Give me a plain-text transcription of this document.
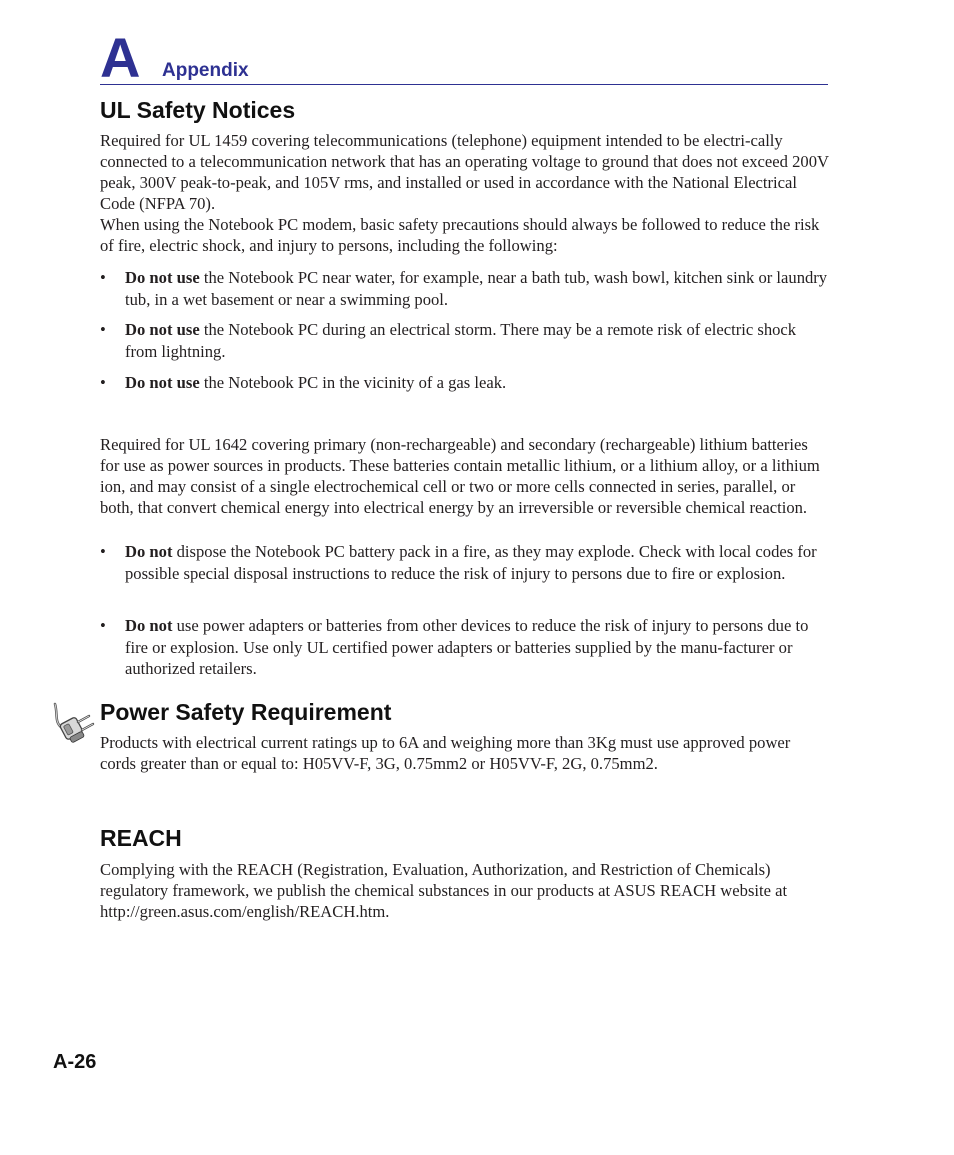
A Appendix
UL Safety Notices

Required for UL 1459 covering telecommunications (telephone) equipment intended to be electri-cally connected to a telecommunication network that has an operating voltage to ground that does not exceed 200V peak, 300V peak-to-peak, and 105V rms, and installed or used in accordance with the National Electrical Code (NFPA 70).

When using the Notebook PC modem, basic safety precautions should always be followed to reduce the risk of fire, electric shock, and injury to persons, including the following:

• Do not use the Notebook PC near water, for example, near a bath tub, wash bowl, kitchen sink or laundry tub, in a wet basement or near a swimming pool.
• Do not use the Notebook PC during an electrical storm. There may be a remote risk of electric shock from lightning.
• Do not use the Notebook PC in the vicinity of a gas leak.

Required for UL 1642 covering primary (non-rechargeable) and secondary (rechargeable) lithium batteries for use as power sources in products. These batteries contain metallic lithium, or a lithium alloy, or a lithium ion, and may consist of a single electrochemical cell or two or more cells connected in series, parallel, or both, that convert chemical energy into electrical energy by an irreversible or reversible chemical reaction.

• Do not dispose the Notebook PC battery pack in a fire, as they may explode. Check with local codes for possible special disposal instructions to reduce the risk of injury to persons due to fire or explosion.
• Do not use power adapters or batteries from other devices to reduce the risk of injury to persons due to fire or explosion. Use only UL certified power adapters or batteries supplied by the manu-facturer or authorized retailers.
Power Safety Requirement

Products with electrical current ratings up to 6A and weighing more than 3Kg must use approved power cords greater than or equal to: H05VV-F, 3G, 0.75mm2 or H05VV-F, 2G, 0.75mm2.

REACH

Complying with the REACH (Registration, Evaluation, Authorization, and Restriction of Chemicals) regulatory framework, we publish the chemical substances in our products at ASUS REACH website at http://green.asus.com/english/REACH.htm.

A-26
